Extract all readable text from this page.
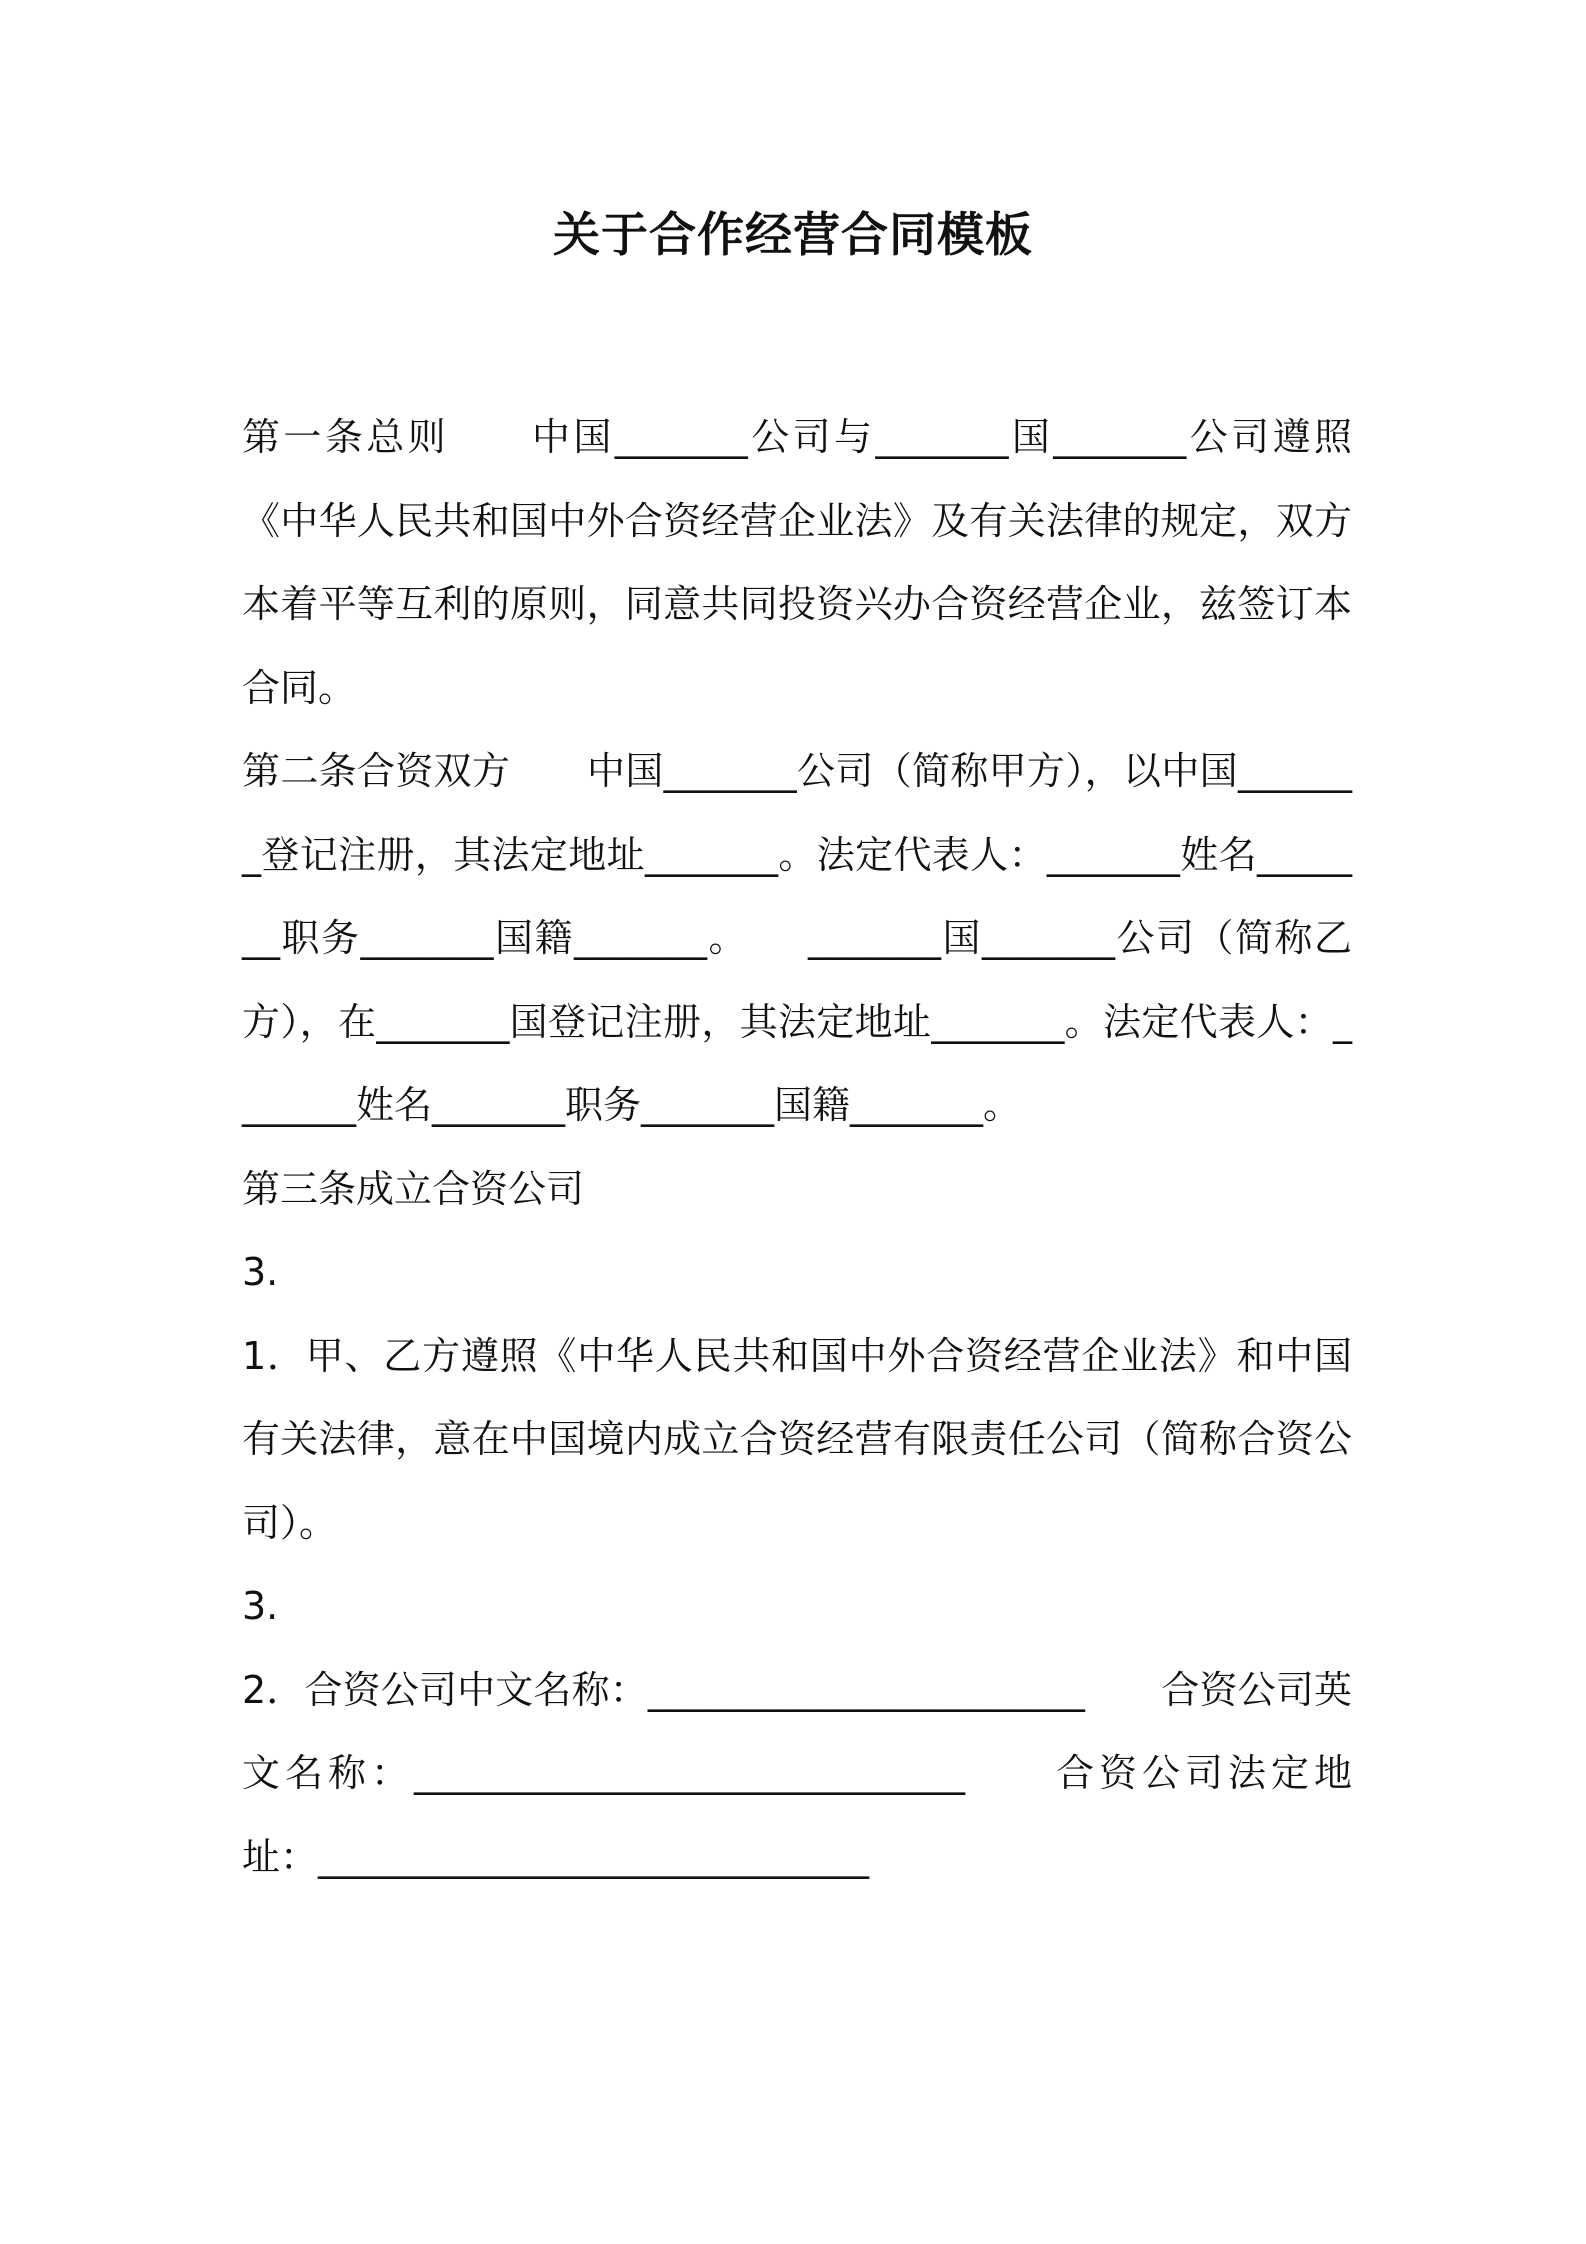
关于合作经营合同模板

第一条总则　　中国_______公司与_______国_______公司遵照《中华人民共和国中外合资经营企业法》及有关法律的规定，双方本着平等互利的原则，同意共同投资兴办合资经营企业，兹签订本合同。

第二条合资双方　　中国_______公司（简称甲方），以中国_______登记注册，其法定地址_______。法定代表人：_______姓名_______职务_______国籍_______。　　_______国_______公司（简称乙方），在_______国登记注册，其法定地址_______。法定代表人：_______姓名_______职务_______国籍_______。

第三条成立合资公司

3.

1．甲、乙方遵照《中华人民共和国中外合资经营企业法》和中国有关法律，意在中国境内成立合资经营有限责任公司（简称合资公司）。

3.

2．合资公司中文名称：_______________________　　合资公司英文名称：_____________________________　　合资公司法定地址：_____________________________
